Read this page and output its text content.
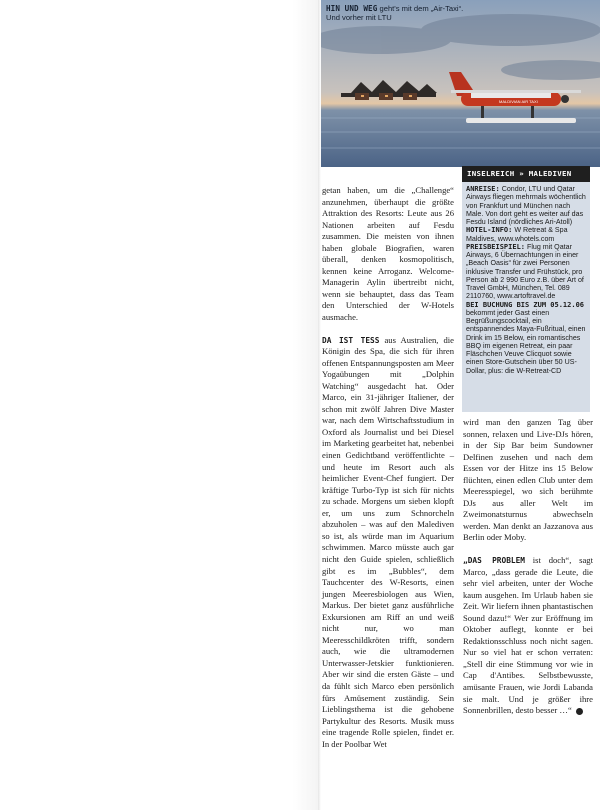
MALDIVIAN AIR TAXI
HIN UND WEG geht's mit dem „Air-Taxi“. Und vorher mit LTU
INSELREICH » MALEDIVEN

ANREISE: Condor, LTU und Qatar Airways fliegen mehrmals wöchentlich von Frankfurt und München nach Male. Von dort geht es weiter auf das Fesdu Island (nördliches Ari-Atoll)

HOTEL-INFO: W Retreat & Spa Maldives, www.whotels.com

PREISBEISPIEL: Flug mit Qatar Airways, 6 Übernachtungen in einer „Beach Oasis“ für zwei Personen inklusive Transfer und Frühstück, pro Person ab 2 990 Euro z.B. über Art of Travel GmbH, München, Tel. 089 2110760, www.artoftravel.de

BEI BUCHUNG BIS ZUM 05.12.06 bekommt jeder Gast einen Begrüßungscocktail, ein entspannendes Maya-Fußritual, einen Drink im 15 Below, ein romantisches BBQ im eigenen Retreat, ein paar Fläschchen Veuve Clicquot sowie einen Store-Gutschein über 50 US-Dollar, plus: die W-Retreat-CD

getan haben, um die „Challenge“ anzunehmen, überhaupt die größte Attraktion des Resorts: Leute aus 26 Nationen arbeiten auf Fesdu zusammen. Die meisten von ihnen haben globale Biografien, waren überall, denken kosmopolitisch, kennen keine Arroganz. Welcome-Managerin Aylin übertreibt nicht, wenn sie behauptet, dass das Team den Unterschied der W-Hotels ausmache.

DA IST TESS aus Australien, die Königin des Spa, die sich für ihren offenen Entspannungsposten am Meer Yogaübungen mit „Dolphin Watching“ ausgedacht hat. Oder Marco, ein 31-jähriger Italiener, der schon mit zwölf Jahren Dive Master war, nach dem Wirtschaftsstudium in Oxford als Journalist und bei Diesel im Marketing gearbeitet hat, nebenbei einen Gedichtband veröffentlichte – und heute im Resort auch als heimlicher Event-Chef fungiert. Der kräftige Turbo-Typ ist sich für nichts zu schade. Morgens um sieben klopft er, um uns zum Schnorcheln abzuholen – was auf den Malediven so ist, als würde man im Aquarium schwimmen. Marco müsste auch gar nicht den Guide spielen, schließlich gibt es im „Bubbles“, dem Tauchcenter des W-Resorts, einen jungen Meeresbiologen aus Wien, Markus. Der bietet ganz ausführliche Exkursionen am Riff an und weiß nicht nur, wo man Meeresschildkröten trifft, sondern auch, wie die ultramodernen Unterwasser-Jetskier funktionieren. Aber wir sind die ersten Gäste – und da fühlt sich Marco eben persönlich fürs Amüsement zuständig. Sein Lieblingsthema ist die gehobene Partykultur des Resorts. Musik muss eine tragende Rolle spielen, findet er. In der Poolbar Wet

wird man den ganzen Tag über sonnen, relaxen und Live-DJs hören, in der Sip Bar beim Sundowner Delfinen zusehen und nach dem Essen vor der Hitze ins 15 Below flüchten, einen edlen Club unter dem Meeresspiegel, wo sich berühmte DJs aus aller Welt im Zweimonatsturnus abwechseln werden. Man denkt an Jazzanova aus Berlin oder Moby.

„DAS PROBLEM ist doch“, sagt Marco, „dass gerade die Leute, die sehr viel arbeiten, unter der Woche kaum ausgehen. Im Urlaub haben sie Zeit. Wir liefern ihnen phantastischen Sound dazu!“ Wer zur Eröffnung im Oktober auflegt, konnte er bei Redaktionsschluss noch nicht sagen. Nur so viel hat er schon verraten: „Stell dir eine Stimmung vor wie in Cap d'Antibes. Selbstbewusste, amüsante Frauen, wie Jordi Labanda sie malt. Und je größer ihre Sonnenbrillen, desto besser …“
